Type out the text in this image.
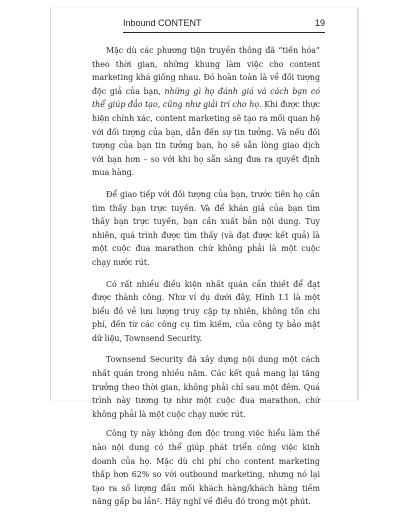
Inbound CONTENT	19

Mặc dù các phương tiện truyền thông đã “tiến hóa” theo thời gian, những khung làm việc cho content marketing khá giống nhau. Đó hoàn toàn là về đối tượng độc giả của bạn, những gì họ đánh giá và cách bạn có thể giúp đảo tạo, cũng như giải trí cho họ. Khi được thực hiện chính xác, content marketing sẽ tạo ra mối quan hệ với đối tượng của bạn, dẫn đến sự tin tưởng. Và nếu đối tượng của bạn tin tưởng bạn, họ sẽ sẵn lòng giao dịch với bạn hơn – so với khi họ sẵn sàng đưa ra quyết định mua hàng.

Để giao tiếp với đối tượng của bạn, trước tiên họ cần tìm thấy bạn trực tuyến. Và để khán giả của bạn tìm thấy bạn trực tuyến, bạn cần xuất bản nội dung. Tuy nhiên, quá trình được tìm thấy (và đạt được kết quả) là một cuộc đua marathon chứ không phải là một cuộc chạy nước rút.

Có rất nhiều điều kiện nhất quán cần thiết để đạt được thành công. Như ví dụ dưới đây, Hình I.1 là một biểu đồ về lưu lượng truy cập tự nhiên, không tốn chi phí, đến từ các công cụ tìm kiếm, của công ty bảo mật dữ liệu, Townsend Security.

Townsend Security đã xây dựng nội dung một cách nhất quán trong nhiều năm. Các kết quả mang lại tăng trưởng theo thời gian, không phải chỉ sau một đêm. Quá trình này tương tự như một cuộc đua marathon, chứ không phải là một cuộc chạy nước rút.

Công ty này không đơn độc trong việc hiểu làm thế nào nội dung có thể giúp phát triển công việc kinh doanh của họ. Mặc dù chi phí cho content marketing thấp hơn 62% so với outbound marketing, nhưng nó lại tạo ra số lượng đầu mối khách hàng/khách hàng tiềm năng gấp ba lần². Hãy nghĩ về điều đó trong một phút.
